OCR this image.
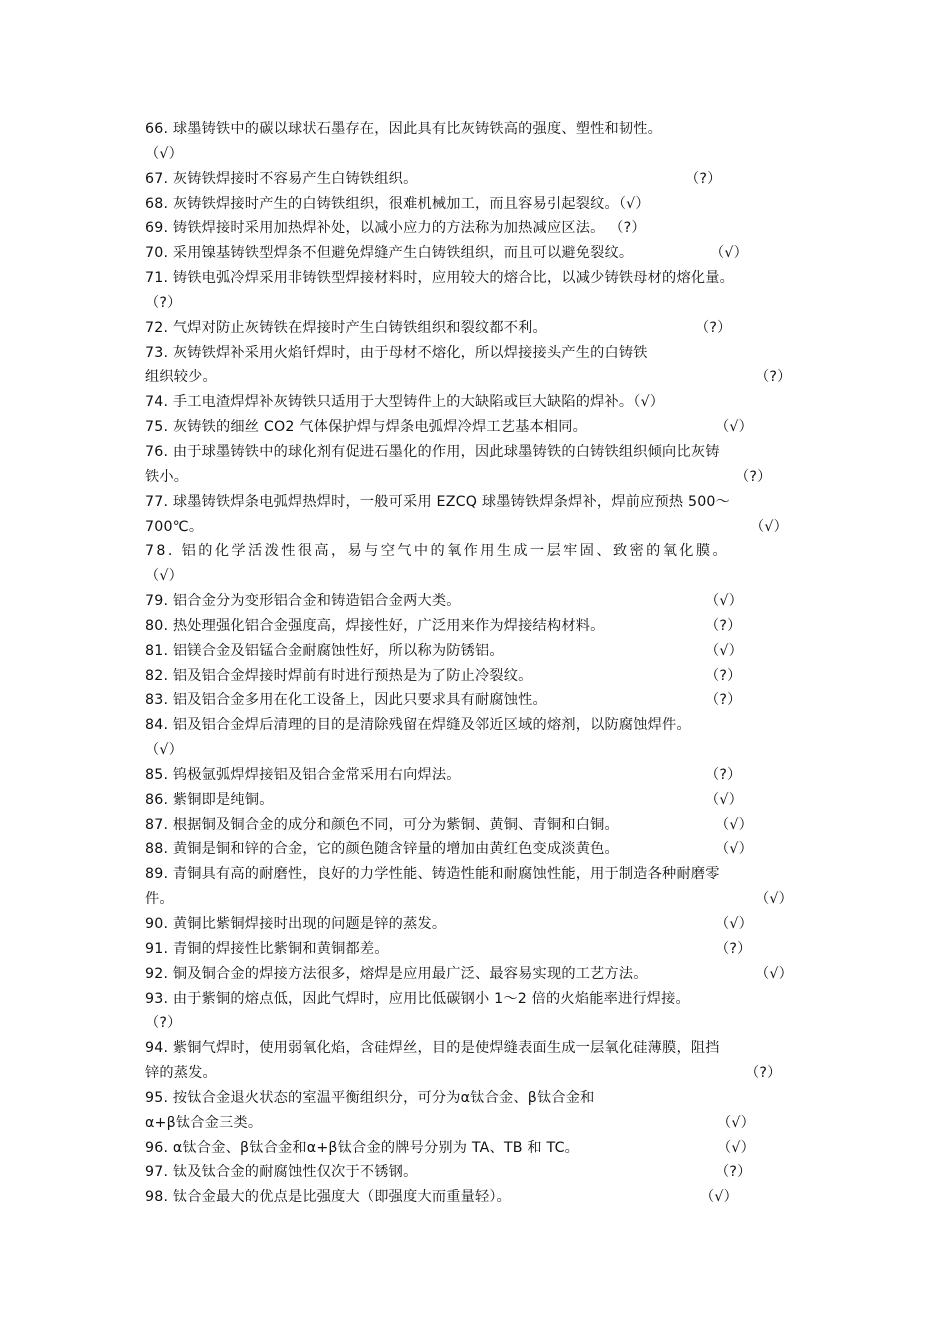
66. 球墨铸铁中的碳以球状石墨存在，因此具有比灰铸铁高的强度、塑性和韧性。
（√）
67. 灰铸铁焊接时不容易产生白铸铁组织。	（?）
68. 灰铸铁焊接时产生的白铸铁组织，很难机械加工，而且容易引起裂纹。（√）
69. 铸铁焊接时采用加热焊补处，以减小应力的方法称为加热减应区法。 （?）
70. 采用镍基铸铁型焊条不但避免焊缝产生白铸铁组织，而且可以避免裂纹。	（√）
71. 铸铁电弧冷焊采用非铸铁型焊接材料时，应用较大的熔合比，以减少铸铁母材的熔化量。
（?）
72. 气焊对防止灰铸铁在焊接时产生白铸铁组织和裂纹都不利。	（?）
73. 灰铸铁焊补采用火焰钎焊时，由于母材不熔化，所以焊接接头产生的白铸铁
组织较少。	（?）
74. 手工电渣焊焊补灰铸铁只适用于大型铸件上的大缺陷或巨大缺陷的焊补。（√）
75. 灰铸铁的细丝 CO2 气体保护焊与焊条电弧焊冷焊工艺基本相同。	（√）
76. 由于球墨铸铁中的球化剂有促进石墨化的作用，因此球墨铸铁的白铸铁组织倾向比灰铸
铁小。	（?）
77. 球墨铸铁焊条电弧焊热焊时，一般可采用 EZCQ 球墨铸铁焊条焊补，焊前应预热 500～
700℃。	（√）
78. 铝的化学活泼性很高，易与空气中的氧作用生成一层牢固、致密的氧化膜。
（√）
79. 铝合金分为变形铝合金和铸造铝合金两大类。	（√）
80. 热处理强化铝合金强度高，焊接性好，广泛用来作为焊接结构材料。	（?）
81. 铝镁合金及铝锰合金耐腐蚀性好，所以称为防锈铝。	（√）
82. 铝及铝合金焊接时焊前有时进行预热是为了防止冷裂纹。	（?）
83. 铝及铝合金多用在化工设备上，因此只要求具有耐腐蚀性。	（?）
84. 铝及铝合金焊后清理的目的是清除残留在焊缝及邻近区域的熔剂，以防腐蚀焊件。
（√）
85. 钨极氩弧焊焊接铝及铝合金常采用右向焊法。	（?）
86. 紫铜即是纯铜。	（√）
87. 根据铜及铜合金的成分和颜色不同，可分为紫铜、黄铜、青铜和白铜。	（√）
88. 黄铜是铜和锌的合金，它的颜色随含锌量的增加由黄红色变成淡黄色。	（√）
89. 青铜具有高的耐磨性，良好的力学性能、铸造性能和耐腐蚀性能，用于制造各种耐磨零
件。	（√）
90. 黄铜比紫铜焊接时出现的问题是锌的蒸发。	（√）
91. 青铜的焊接性比紫铜和黄铜都差。	（?）
92. 铜及铜合金的焊接方法很多，熔焊是应用最广泛、最容易实现的工艺方法。	（√）
93. 由于紫铜的熔点低，因此气焊时，应用比低碳钢小 1～2 倍的火焰能率进行焊接。
（?）
94. 紫铜气焊时，使用弱氧化焰，含硅焊丝，目的是使焊缝表面生成一层氧化硅薄膜，阻挡
锌的蒸发。	（?）
95. 按钛合金退火状态的室温平衡组织分，可分为α钛合金、β钛合金和
α+β钛合金三类。	（√）
96. α钛合金、β钛合金和α+β钛合金的牌号分别为 TA、TB 和 TC。	（√）
97. 钛及钛合金的耐腐蚀性仅次于不锈钢。	（?）
98. 钛合金最大的优点是比强度大（即强度大而重量轻）。	（√）
